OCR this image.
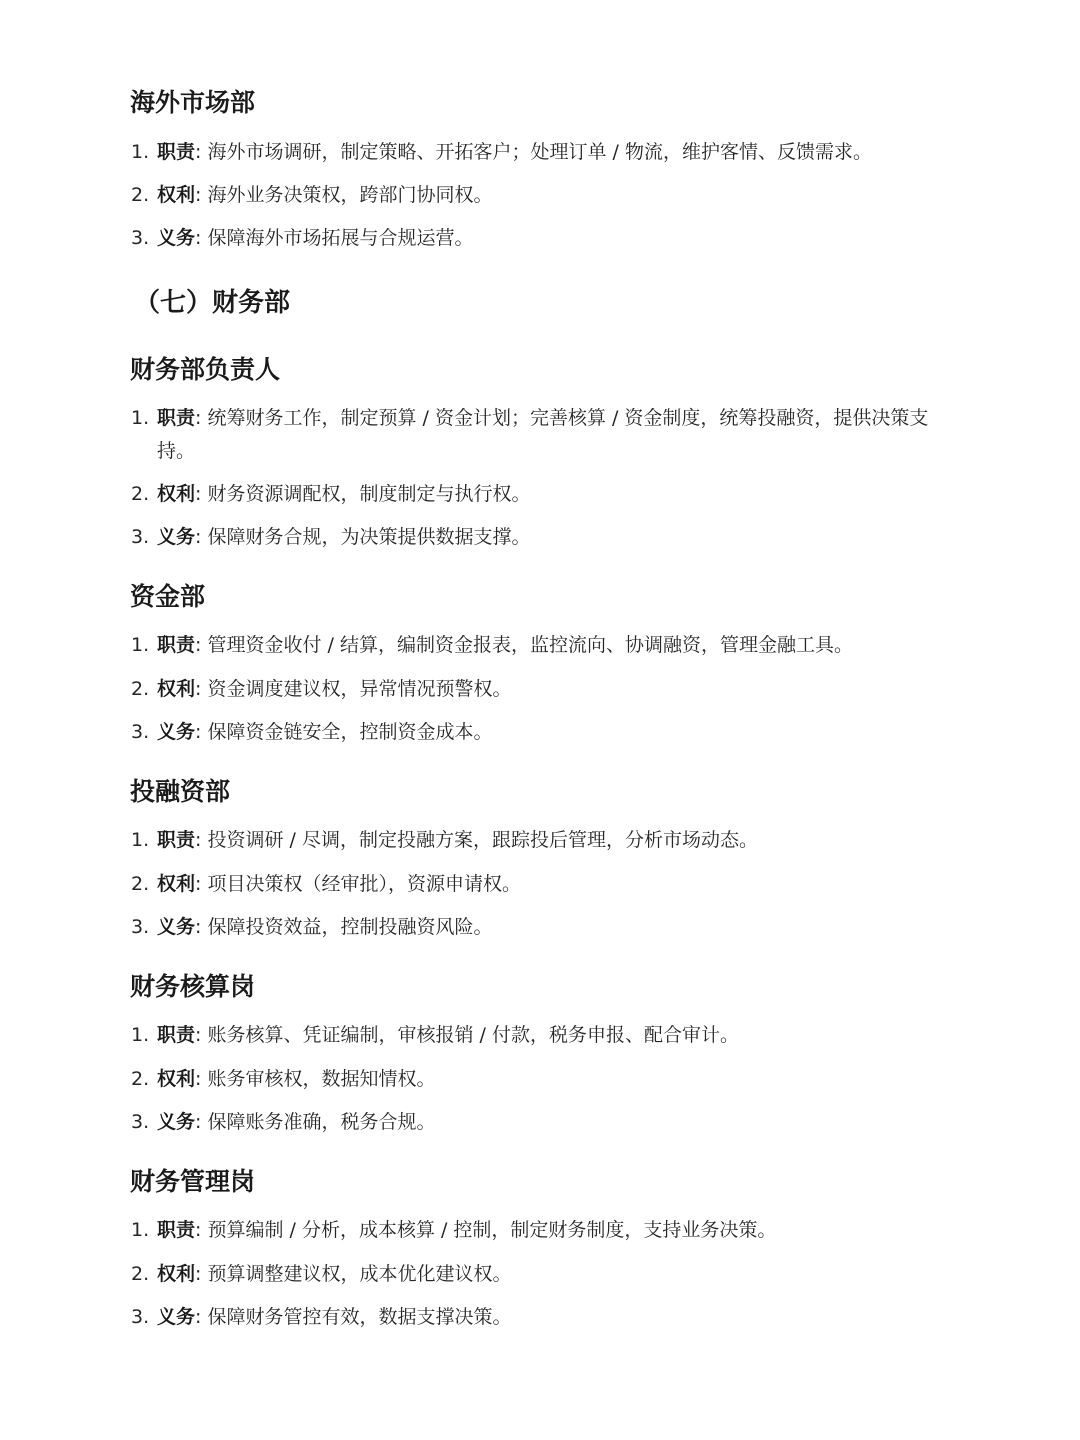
海外市场部
1. 职责: 海外市场调研，制定策略、开拓客户；处理订单 / 物流，维护客情、反馈需求。
2. 权利: 海外业务决策权，跨部门协同权。
3. 义务: 保障海外市场拓展与合规运营。
（七）财务部
财务部负责人
1. 职责: 统筹财务工作，制定预算 / 资金计划；完善核算 / 资金制度，统筹投融资，提供决策支持。
2. 权利: 财务资源调配权，制度制定与执行权。
3. 义务: 保障财务合规，为决策提供数据支撑。
资金部
1. 职责: 管理资金收付 / 结算，编制资金报表，监控流向、协调融资，管理金融工具。
2. 权利: 资金调度建议权，异常情况预警权。
3. 义务: 保障资金链安全，控制资金成本。
投融资部
1. 职责: 投资调研 / 尽调，制定投融方案，跟踪投后管理，分析市场动态。
2. 权利: 项目决策权（经审批），资源申请权。
3. 义务: 保障投资效益，控制投融资风险。
财务核算岗
1. 职责: 账务核算、凭证编制，审核报销 / 付款，税务申报、配合审计。
2. 权利: 账务审核权，数据知情权。
3. 义务: 保障账务准确，税务合规。
财务管理岗
1. 职责: 预算编制 / 分析，成本核算 / 控制，制定财务制度，支持业务决策。
2. 权利: 预算调整建议权，成本优化建议权。
3. 义务: 保障财务管控有效，数据支撑决策。
